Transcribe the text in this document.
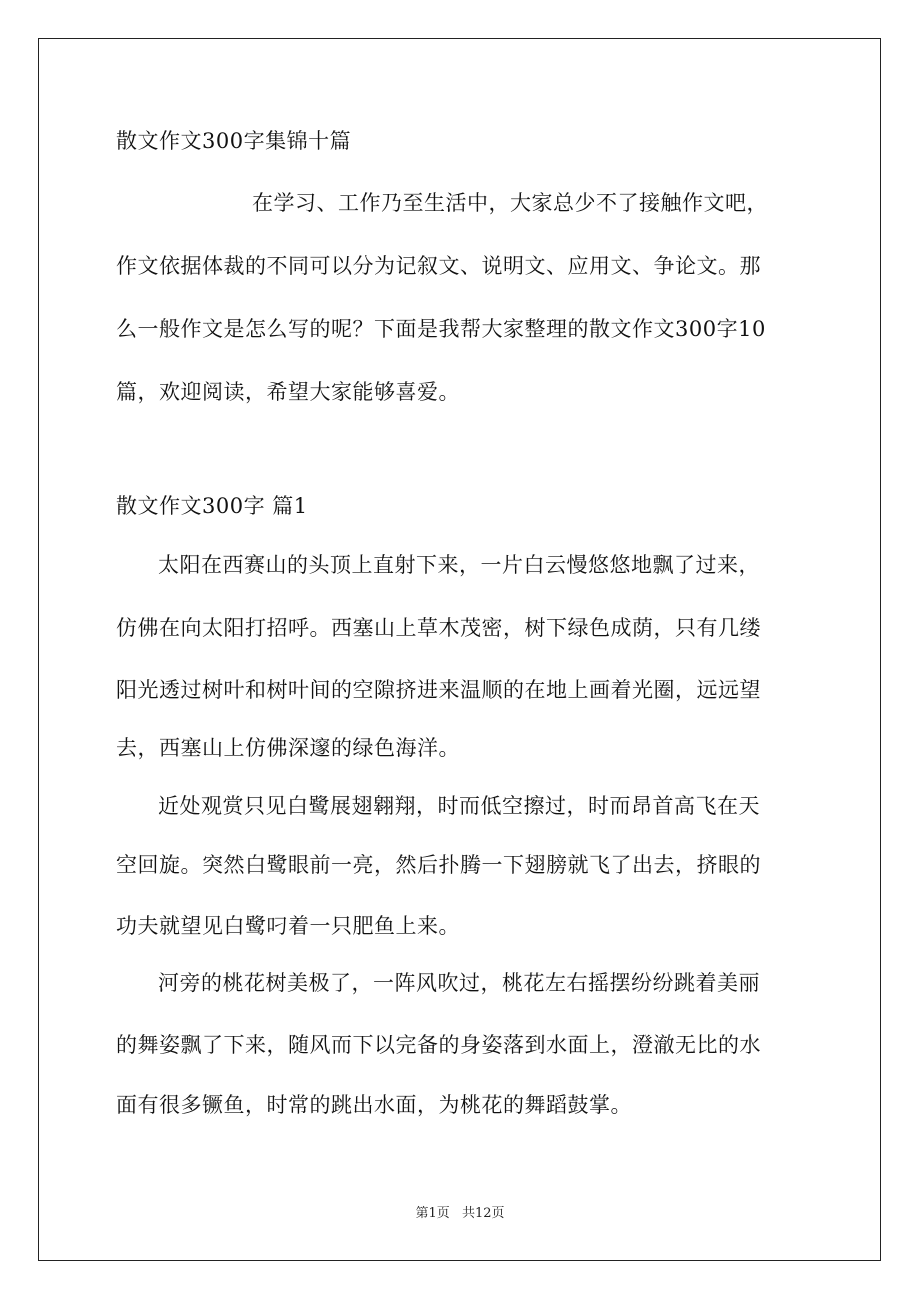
散文作文300字集锦十篇
在学习、工作乃至生活中，大家总少不了接触作文吧，
作文依据体裁的不同可以分为记叙文、说明文、应用文、争论文。那
么一般作文是怎么写的呢？下面是我帮大家整理的散文作文300字10
篇，欢迎阅读，希望大家能够喜爱。
散文作文300字 篇1
太阳在西赛山的头顶上直射下来，一片白云慢悠悠地飘了过来，
仿佛在向太阳打招呼。西塞山上草木茂密，树下绿色成荫，只有几缕
阳光透过树叶和树叶间的空隙挤进来温顺的在地上画着光圈，远远望
去，西塞山上仿佛深邃的绿色海洋。
近处观赏只见白鹭展翅翱翔，时而低空擦过，时而昂首高飞在天
空回旋。突然白鹭眼前一亮，然后扑腾一下翅膀就飞了出去，挤眼的
功夫就望见白鹭叼着一只肥鱼上来。
河旁的桃花树美极了，一阵风吹过，桃花左右摇摆纷纷跳着美丽
的舞姿飘了下来，随风而下以完备的身姿落到水面上，澄澈无比的水
面有很多镢鱼，时常的跳出水面，为桃花的舞蹈鼓掌。
第1页 共12页
